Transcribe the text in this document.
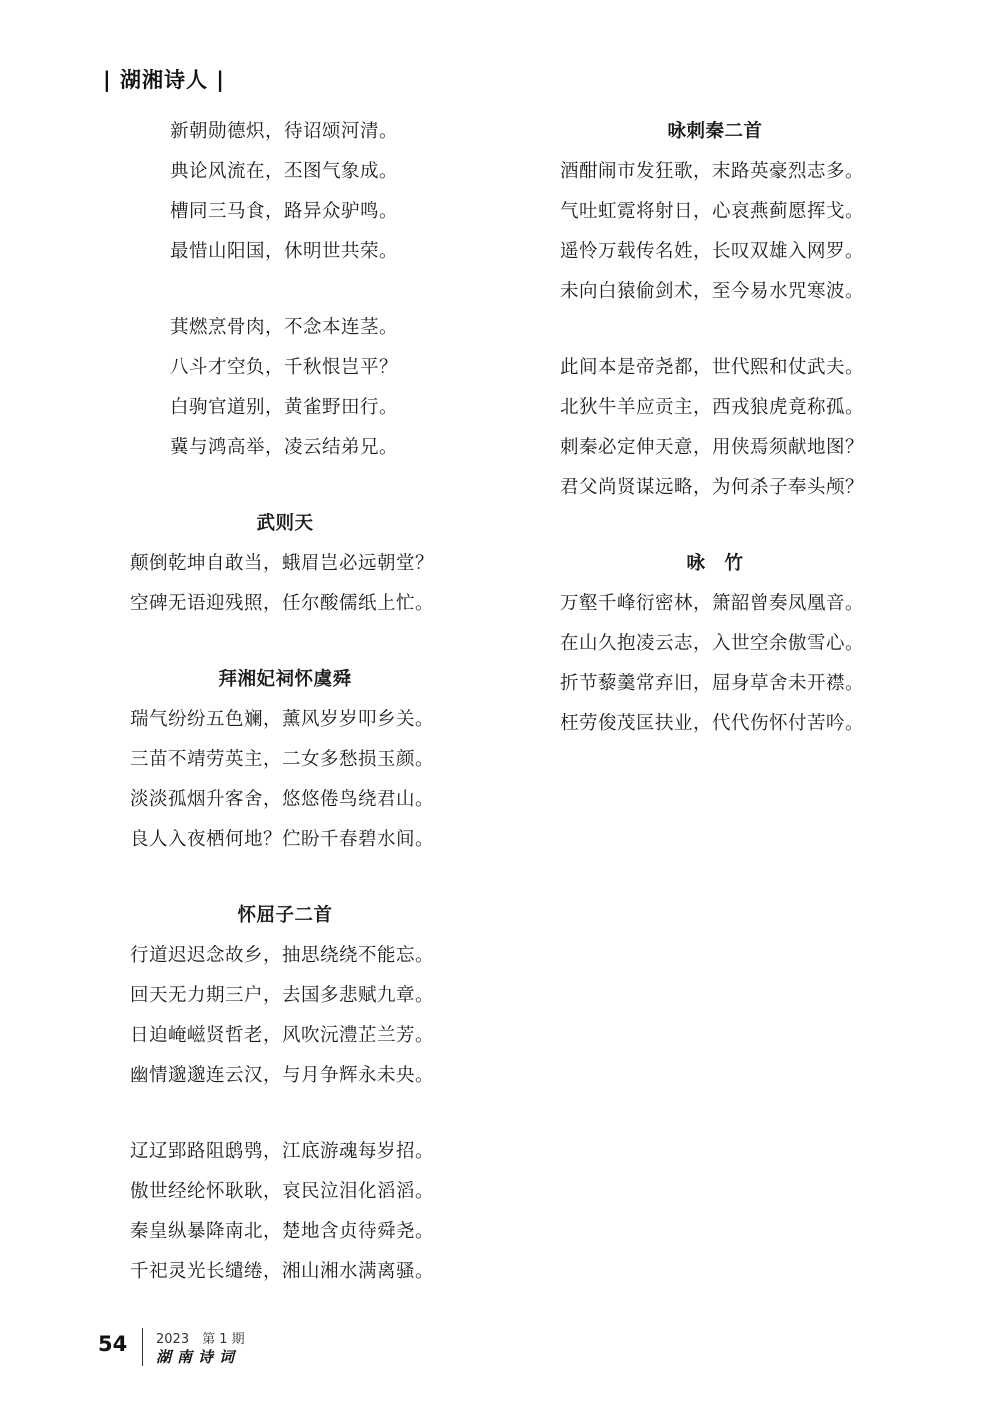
| 湖湘诗人 |
新朝勋德炽，待诏颂河清。
典论风流在，丕图气象成。
槽同三马食，路异众驴鸣。
最惜山阳国，休明世共荣。
萁燃烹骨肉，不念本连茎。
八斗才空负，千秋恨岂平？
白驹官道别，黄雀野田行。
冀与鸿高举，凌云结弟兄。
武则天
颠倒乾坤自敢当，蛾眉岂必远朝堂？
空碑无语迎残照，任尔酸儒纸上忙。
拜湘妃祠怀虞舜
瑞气纷纷五色斓，薰风岁岁叩乡关。
三苗不靖劳英主，二女多愁损玉颜。
淡淡孤烟升客舍，悠悠倦鸟绕君山。
良人入夜栖何地？伫盼千春碧水间。
怀屈子二首
行道迟迟念故乡，抽思绕绕不能忘。
回天无力期三户，去国多悲赋九章。
日迫崦嵫贤哲老，风吹沅澧芷兰芳。
幽情邈邈连云汉，与月争辉永未央。
辽辽郢路阻鸱鸮，江底游魂每岁招。
傲世经纶怀耿耿，哀民泣泪化滔滔。
秦皇纵暴降南北，楚地含贞待舜尧。
千祀灵光长缱绻，湘山湘水满离骚。
咏刺秦二首
酒酣闹市发狂歌，末路英豪烈志多。
气吐虹霓将射日，心哀燕蓟愿挥戈。
遥怜万载传名姓，长叹双雄入网罗。
未向白猿偷剑术，至今易水咒寒波。
此间本是帝尧都，世代熙和仗武夫。
北狄牛羊应贡主，西戎狼虎竟称孤。
刺秦必定伸天意，用侠焉须献地图？
君父尚贤谋远略，为何杀子奉头颅？
咏　竹
万壑千峰衍密林，箫韶曾奏凤凰音。
在山久抱凌云志，入世空余傲雪心。
折节藜羹常弃旧，屈身草舍未开襟。
枉劳俊茂匡扶业，代代伤怀付苦吟。
54 2023　第 1 期
湖南诗词
